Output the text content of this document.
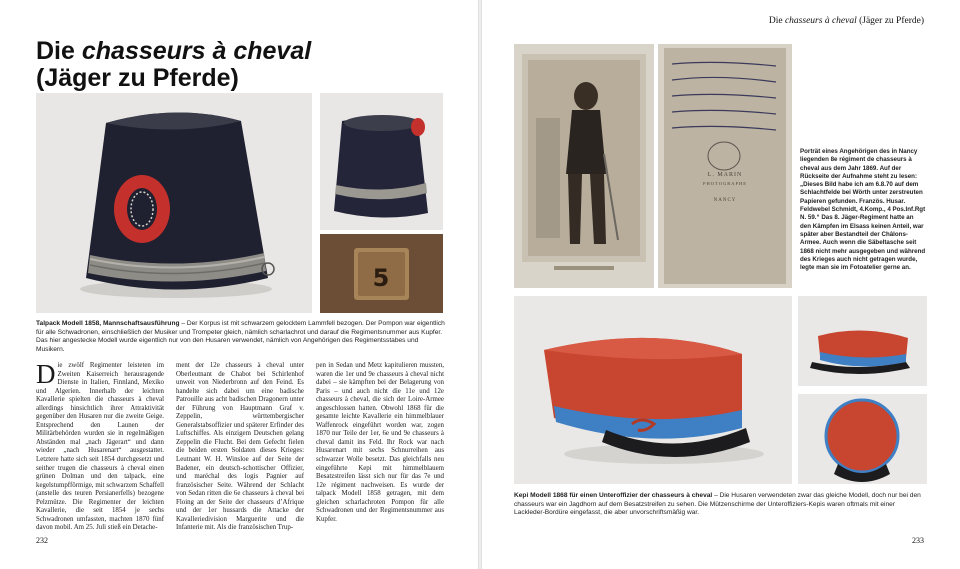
Die chasseurs à cheval
(Jäger zu Pferde)
5

Talpack Modell 1858, Mannschaftsausführung – Der Korpus ist mit schwarzem gelocktem Lammfell bezogen. Der Pompon war eigentlich für alle Schwadronen, einschließlich der Musiker und Trompeter gleich, nämlich scharlachrot und darauf die Regimentsnummer aus Kupfer. Das hier angestecke Modell wurde eigentlich nur von den Husaren verwendet, nämlich von Angehörigen des Regimentsstabes und Musikern.

Die zwölf Regimenter leisteten im Zweiten Kaiserreich herausragende Dienste in Italien, Finnland, Mexiko und Algerien. Innerhalb der leichten Kavallerie spielten die chasseurs à cheval allerdings hinsichtlich ihrer Attraktivität gegenüber den Husaren nur die zweite Geige. Entsprechend den Launen der Militärbehörden wurden sie in regelmäßigen Abständen mal „nach Jägerart“ und dann wieder „nach Husarenart“ ausgestattet. Letztere hatte sich seit 1854 durchgesetzt und seither trugen die chasseurs à cheval einen grünen Dolman und den talpack, eine kegelstumpfförmige, mit schwarzem Schaffell (anstelle des teuren Persianerfells) bezogene Pelzmütze. Die Regimenter der leichten Kavallerie, die seit 1854 je sechs Schwadronen umfassten, machten 1870 fünf davon mobil. Am 25. Juli stieß ein Detache-

ment der 12e chasseurs à cheval unter Oberleutnant de Chabot bei Schirlenhof unweit von Niederbronn auf den Feind. Es handelte sich dabei um eine badische Patrouille aus acht badischen Dragonern unter der Führung von Hauptmann Graf v. Zeppelin, württembergischer Generalstabsoffizier und späterer Erfinder des Luftschiffes. Als einzigem Deutschen gelang Zeppelin die Flucht. Bei dem Gefecht fielen die beiden ersten Soldaten dieses Krieges: Leutnant W. H. Winsloe auf der Seite der Badener, ein deutsch-schottischer Offizier, und maréchal des logis Pagnier auf französischer Seite. Während der Schlacht von Sedan ritten die 6e chasseurs à cheval bei Floing an der Seite der chasseurs d’Afrique und der 1er hussards die Attacke der Kavalleriedivision Marguerite und die Infanterie mit. Als die französischen Trup-

pen in Sedan und Metz kapitulieren mussten, waren die 1er und 9e chasseurs à cheval nicht dabei – sie kämpften bei der Belagerung von Paris – und auch nicht die 11e und 12e chasseurs à cheval, die sich der Loire-Armee angeschlossen hatten. Obwohl 1868 für die gesamte leichte Kavallerie ein himmelblauer Waffenrock eingeführt worden war, zogen 1870 nur Teile der 1er, 6e und 9e chasseurs à cheval damit ins Feld. Ihr Rock war nach Husarenart mit sechs Schnurreihen aus schwarzer Wolle besetzt. Das gleichfalls neu eingeführte Kepi mit himmelblauem Besatzstreifen lässt sich nur für das 7e und 12e régiment nachweisen. Es wurde der talpack Modell 1858 getragen, mit dem gleichen scharlachroten Pompon für alle Schwadronen und der Regimentsnummer aus Kupfer.

232
Die chasseurs à cheval (Jäger zu Pferde)
L. MARIN
PHOTOGRAPHE
NANCY

Porträt eines Angehörigen des in Nancy liegenden 8e régiment de chasseurs à cheval aus dem Jahr 1869. Auf der Rückseite der Aufnahme steht zu lesen: „Dieses Bild habe ich am 6.8.70 auf dem Schlachtfelde bei Wörth unter zerstreuten Papieren gefunden. Französ. Husar. Feldwebel Schmidt, 4.Komp., 4 Pos.Inf.Rgt N. 59.“ Das 8. Jäger-Regiment hatte an den Kämpfen im Elsass keinen Anteil, war später aber Bestandteil der Châlons-Armee. Auch wenn die Säbeltasche seit 1868 nicht mehr ausgegeben und während des Krieges auch nicht getragen wurde, legte man sie im Fotoatelier gerne an.

Kepi Modell 1868 für einen Unteroffizier der chasseurs à cheval – Die Husaren verwendeten zwar das gleiche Modell, doch nur bei den chasseurs war ein Jagdhorn auf dem Besatzstreifen zu sehen. Die Mützenschirme der Unteroffiziers-Kepis waren oftmals mit einer Lackleder-Bordüre eingefasst, die aber unvorschriftsmäßig war.

233
